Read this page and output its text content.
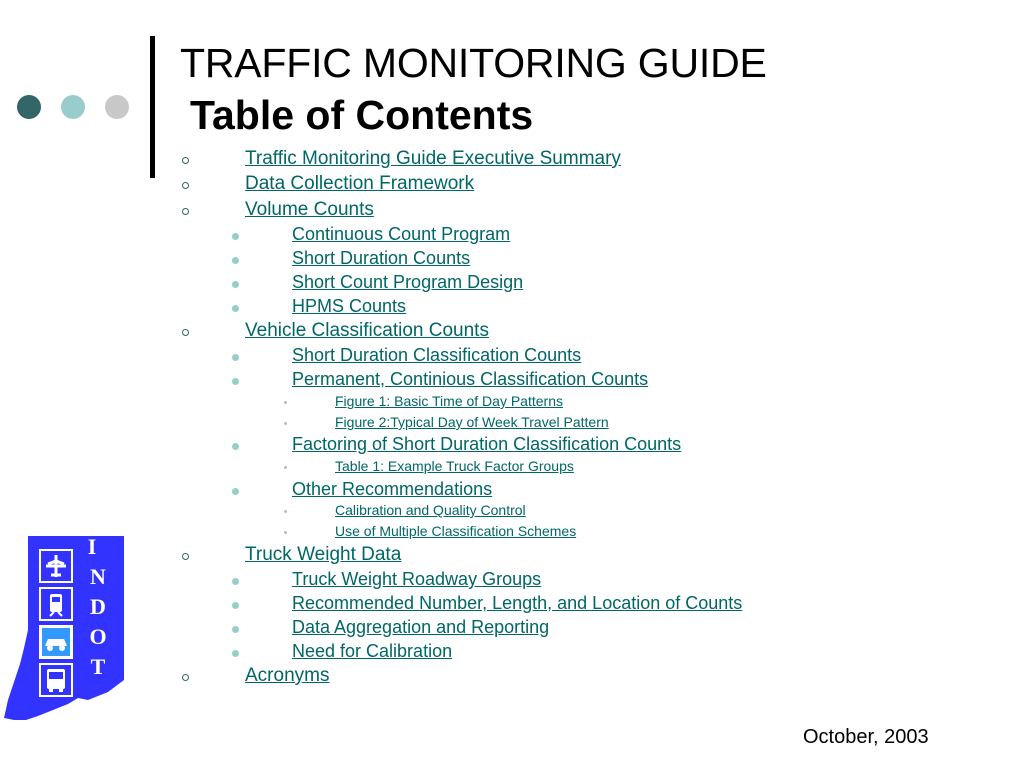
TRAFFIC MONITORING GUIDE
Table of Contents
Traffic Monitoring Guide Executive Summary
Data Collection Framework
Volume Counts
Continuous Count Program
Short Duration Counts
Short Count Program Design
HPMS Counts
Vehicle Classification Counts
Short Duration Classification Counts
Permanent, Continious Classification Counts
Figure 1: Basic Time of Day Patterns
Figure 2:Typical Day of Week Travel Pattern
Factoring of Short Duration Classification Counts
Table 1: Example Truck Factor Groups
Other Recommendations
Calibration and Quality Control
Use of Multiple Classification Schemes
Truck Weight Data
Truck Weight Roadway Groups
Recommended Number, Length, and Location of Counts
Data Aggregation and Reporting
Need for Calibration
Acronyms
I
N
D
O
T
October, 2003
